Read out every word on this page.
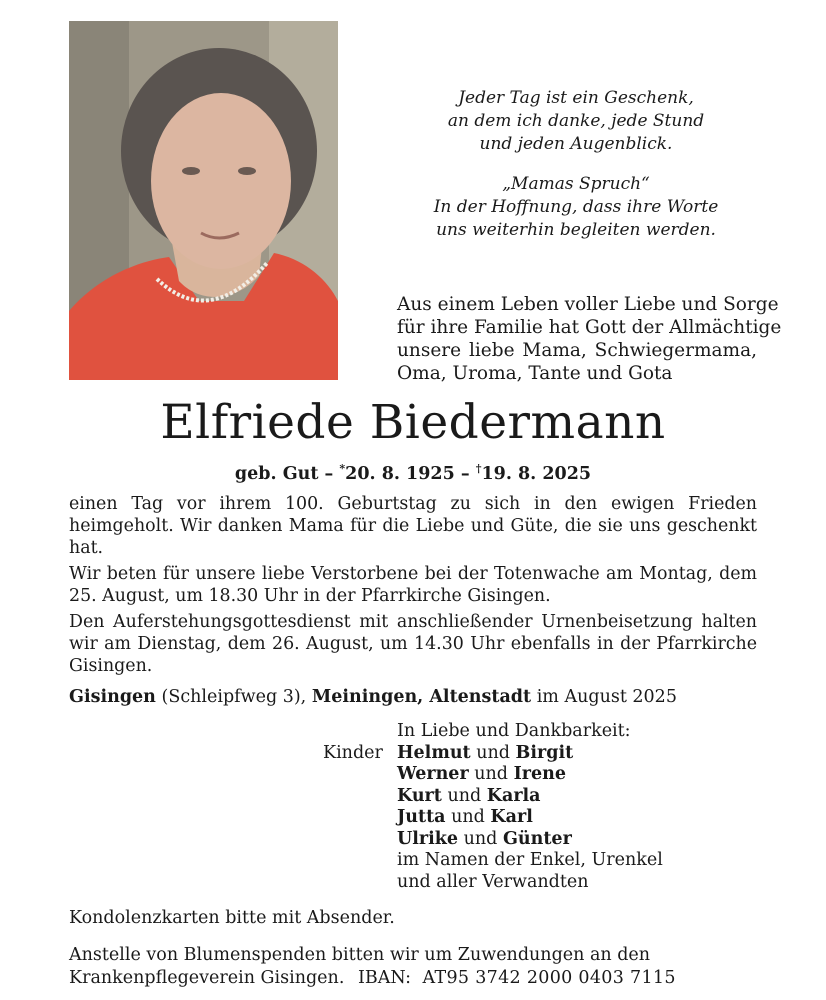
Jeder Tag ist ein Geschenk,

an dem ich danke, jede Stund

und jeden Augenblick.

„Mamas Spruch“

In der Hoffnung, dass ihre Worte

uns weiterhin begleiten werden.

Aus einem Leben voller Liebe und Sorge
für ihre Familie hat Gott der Allmächtige
unsere liebe Mama, Schwiegermama,
Oma, Uroma, Tante und Gota
Elfriede Biedermann
geb. Gut – *20. 8. 1925 – †19. 8. 2025

einen Tag vor ihrem 100. Geburtstag zu sich in den ewigen Frieden heimgeholt. Wir danken Mama für die Liebe und Güte, die sie uns geschenkt hat.

Wir beten für unsere liebe Verstorbene bei der Totenwache am Montag, dem 25. August, um 18.30 Uhr in der Pfarrkirche Gisingen.

Den Auferstehungsgottesdienst mit anschließender Urnenbeisetzung halten wir am Dienstag, dem 26. August, um 14.30 Uhr ebenfalls in der Pfarrkirche Gisingen.

Gisingen (Schleipfweg 3), Meiningen, Altenstadt im August 2025
Kinder
In Liebe und Dankbarkeit:
Helmut und Birgit
Werner und Irene
Kurt und Karla
Jutta und Karl
Ulrike und Günter
im Namen der Enkel, Urenkel
und aller Verwandten
Kondolenzkarten bitte mit Absender.
Anstelle von Blumenspenden bitten wir um Zuwendungen an den
Krankenpflegeverein Gisingen. IBAN: AT95 3742 2000 0403 7115
